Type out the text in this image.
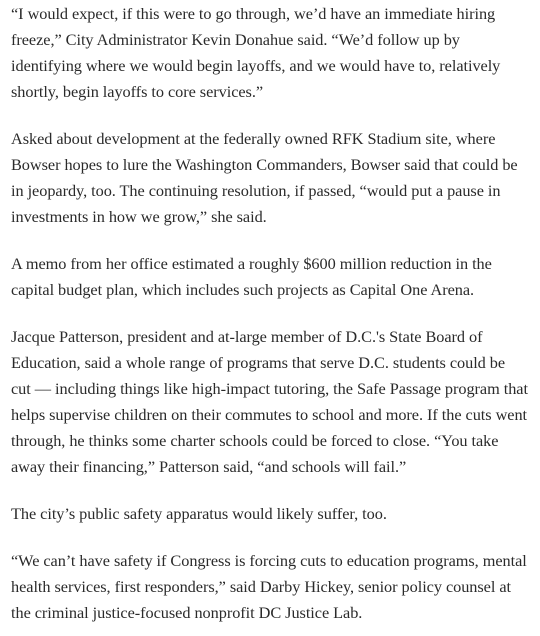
“I would expect, if this were to go through, we’d have an immediate hiring
freeze,” City Administrator Kevin Donahue said. “We’d follow up by
identifying where we would begin layoffs, and we would have to, relatively
shortly, begin layoffs to core services.”

Asked about development at the federally owned RFK Stadium site, where
Bowser hopes to lure the Washington Commanders, Bowser said that could be
in jeopardy, too. The continuing resolution, if passed, “would put a pause in
investments in how we grow,” she said.

A memo from her office estimated a roughly $600 million reduction in the
capital budget plan, which includes such projects as Capital One Arena.

Jacque Patterson, president and at-large member of D.C.'s State Board of
Education, said a whole range of programs that serve D.C. students could be
cut — including things like high-impact tutoring, the Safe Passage program that
helps supervise children on their commutes to school and more. If the cuts went
through, he thinks some charter schools could be forced to close. “You take
away their financing,” Patterson said, “and schools will fail.”

The city’s public safety apparatus would likely suffer, too.

“We can’t have safety if Congress is forcing cuts to education programs, mental
health services, first responders,” said Darby Hickey, senior policy counsel at
the criminal justice-focused nonprofit DC Justice Lab.
